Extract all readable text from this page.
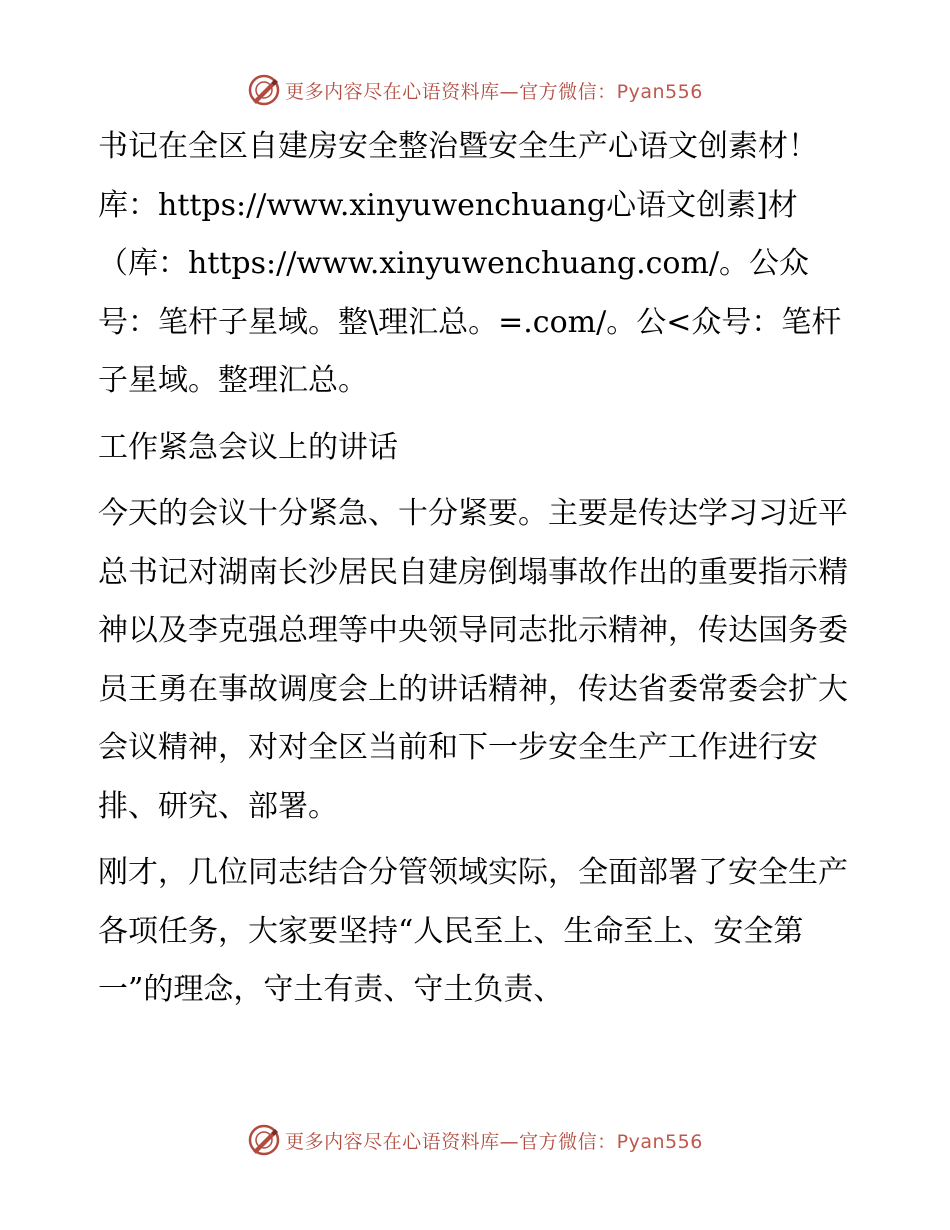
更多内容尽在心语资料库—官方微信：Pyan556

书记在全区自建房安全整治暨安全生产心语文创素材！库：https://www.xinyuwenchuang心语文创素]材（库：https://www.xinyuwenchuang.com/。公众号：笔杆子星域。整\理汇总。=.com/。公<众号：笔杆子星域。整理汇总。

工作紧急会议上的讲话

今天的会议十分紧急、十分紧要。主要是传达学习习近平总书记对湖南长沙居民自建房倒塌事故作出的重要指示精神以及李克强总理等中央领导同志批示精神，传达国务委员王勇在事故调度会上的讲话精神，传达省委常委会扩大会议精神，对对全区当前和下一步安全生产工作进行安排、研究、部署。

刚才，几位同志结合分管领域实际，全面部署了安全生产各项任务，大家要坚持“人民至上、生命至上、安全第一”的理念，守土有责、守土负责、

更多内容尽在心语资料库—官方微信：Pyan556
